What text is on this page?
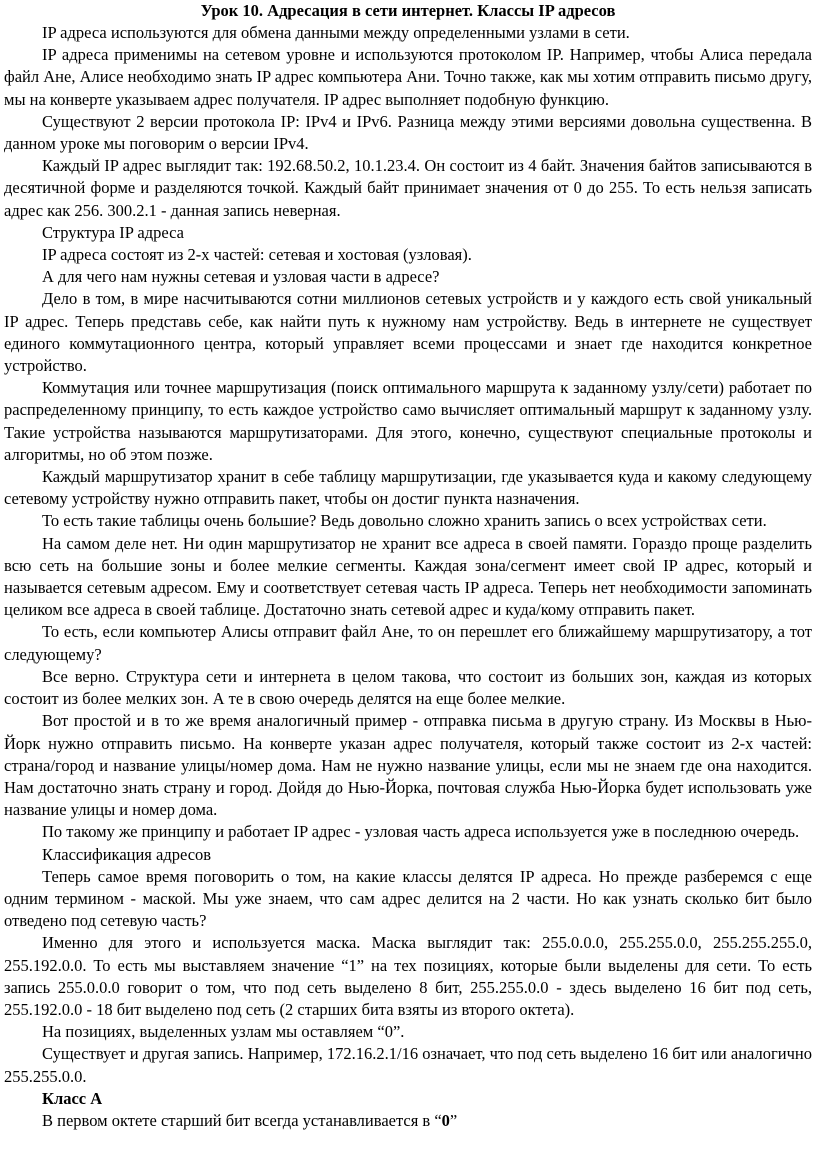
Урок 10. Адресация в сети интернет. Классы IP адресов

IP адреса используются для обмена данными между определенными узлами в сети.

IP адреса применимы на сетевом уровне и используются протоколом IP. Например, чтобы Алиса передала файл Ане, Алисе необходимо знать IP адрес компьютера Ани. Точно также, как мы хотим отправить письмо другу, мы на конверте указываем адрес получателя. IP адрес выполняет подобную функцию.

Существуют 2 версии протокола IP: IPv4 и IPv6. Разница между этими версиями довольна существенна. В данном уроке мы поговорим о версии IPv4.

Каждый IP адрес выглядит так: 192.68.50.2, 10.1.23.4. Он состоит из 4 байт. Значения байтов записываются в десятичной форме и разделяются точкой. Каждый байт принимает значения от 0 до 255. То есть нельзя записать адрес как 256. 300.2.1 - данная запись неверная.

Структура IP адреса

IP адреса состоят из 2-х частей: сетевая и хостовая (узловая).

А для чего нам нужны сетевая и узловая части в адресе?

Дело в том, в мире насчитываются сотни миллионов сетевых устройств и у каждого есть свой уникальный IP адрес. Теперь представь себе, как найти путь к нужному нам устройству. Ведь в интернете не существует единого коммутационного центра, который управляет всеми процессами и знает где находится конкретное устройство.

Коммутация или точнее маршрутизация (поиск оптимального маршрута к заданному узлу/сети) работает по распределенному принципу, то есть каждое устройство само вычисляет оптимальный маршрут к заданному узлу. Такие устройства называются маршрутизаторами. Для этого, конечно, существуют специальные протоколы и алгоритмы, но об этом позже.

Каждый маршрутизатор хранит в себе таблицу маршрутизации, где указывается куда и какому следующему сетевому устройству нужно отправить пакет, чтобы он достиг пункта назначения.

То есть такие таблицы очень большие? Ведь довольно сложно хранить запись о всех устройствах сети.

На самом деле нет. Ни один маршрутизатор не хранит все адреса в своей памяти. Гораздо проще разделить всю сеть на большие зоны и более мелкие сегменты. Каждая зона/сегмент имеет свой IP адрес, который и называется сетевым адресом. Ему и соответствует сетевая часть IP адреса. Теперь нет необходимости запоминать целиком все адреса в своей таблице. Достаточно знать сетевой адрес и куда/кому отправить пакет.

То есть, если компьютер Алисы отправит файл Ане, то он перешлет его ближайшему маршрутизатору, а тот следующему?

Все верно. Структура сети и интернета в целом такова, что состоит из больших зон, каждая из которых состоит из более мелких зон. А те в свою очередь делятся на еще более мелкие.

Вот простой и в то же время аналогичный пример - отправка письма в другую страну. Из Москвы в Нью-Йорк нужно отправить письмо. На конверте указан адрес получателя, который также состоит из 2-х частей: страна/город и название улицы/номер дома. Нам не нужно название улицы, если мы не знаем где она находится. Нам достаточно знать страну и город. Дойдя до Нью-Йорка, почтовая служба Нью-Йорка будет использовать уже название улицы и номер дома.

По такому же принципу и работает IP адрес - узловая часть адреса используется уже в последнюю очередь.

Классификация адресов

Теперь самое время поговорить о том, на какие классы делятся IP адреса. Но прежде разберемся с еще одним термином - маской. Мы уже знаем, что сам адрес делится на 2 части. Но как узнать сколько бит было отведено под сетевую часть?

Именно для этого и используется маска. Маска выглядит так: 255.0.0.0, 255.255.0.0, 255.255.255.0, 255.192.0.0. То есть мы выставляем значение “1” на тех позициях, которые были выделены для сети. То есть запись 255.0.0.0 говорит о том, что под сеть выделено 8 бит, 255.255.0.0 - здесь выделено 16 бит под сеть, 255.192.0.0 - 18 бит выделено под сеть (2 старших бита взяты из второго октета).

На позициях, выделенных узлам мы оставляем “0”.

Существует и другая запись. Например, 172.16.2.1/16 означает, что под сеть выделено 16 бит или аналогично 255.255.0.0.

Класс А

В первом октете старший бит всегда устанавливается в “0”
